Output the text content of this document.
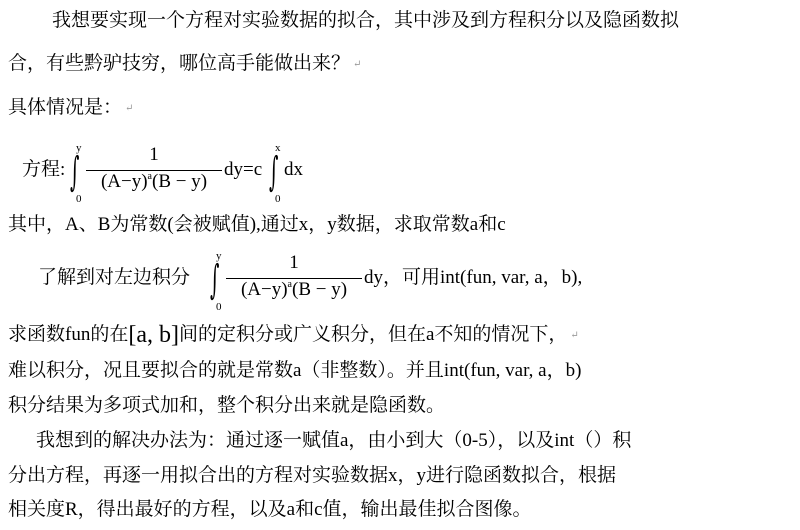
我想要实现一个方程对实验数据的拟合，其中涉及到方程积分以及隐函数拟
合，有些黔驴技穷，哪位高手能做出来？ ↵
具体情况是： ↵
方程:
y
∫
0
$\frac{1}{(A-y)^a(B - y)} dy=c$
x
∫
0
dx
其中，A、B为常数(会被赋值),通过x，y数据，求取常数a和c
了解到对左边积分
y
∫
0
$\frac{1}{(A-y)^a(B - y)}$ dy，可用int(fun, var, a，b),
求函数fun的在[a, b]间的定积分或广义积分，但在a不知的情况下， ↵
难以积分，况且要拟合的就是常数a（非整数）。并且int(fun, var, a，b)
积分结果为多项式加和，整个积分出来就是隐函数。
我想到的解决办法为：通过逐一赋值a，由小到大（0-5），以及int（）积
分出方程，再逐一用拟合出的方程对实验数据x，y进行隐函数拟合，根据
相关度R，得出最好的方程，以及a和c值，输出最佳拟合图像。
